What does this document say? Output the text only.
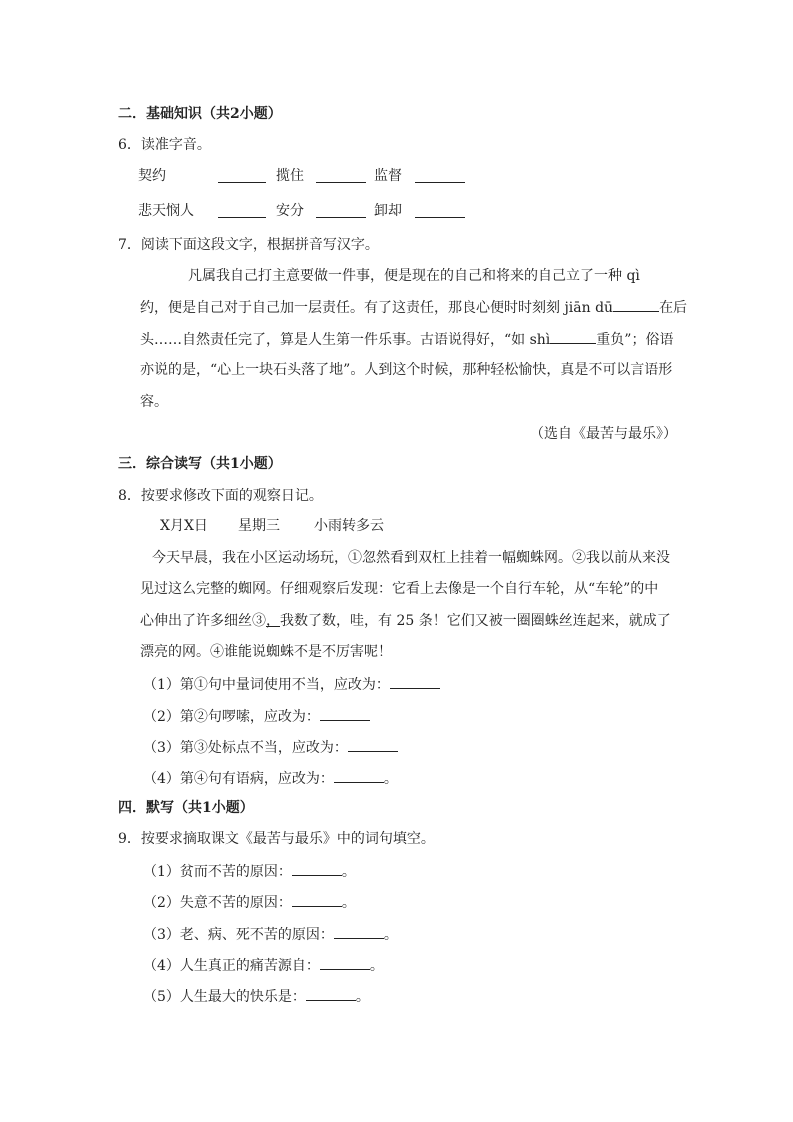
二．基础知识（共2小题）
6．读准字音。
契约	揽住	监督
悲天悯人	安分	卸却
7．阅读下面这段文字，根据拼音写汉字。
凡属我自己打主意要做一件事，便是现在的自己和将来的自己立了一种 qì
约，便是自己对于自己加一层责任。有了这责任，那良心便时时刻刻 jiān dū	在后
头……自然责任完了，算是人生第一件乐事。古语说得好，“如 shì	重负”；俗语
亦说的是，“心上一块石头落了地”。人到这个时候，那种轻松愉快，真是不可以言语形
容。
（选自《最苦与最乐》）
三．综合读写（共1小题）
8．按要求修改下面的观察日记。
X月X日 星期三 小雨转多云
今天早晨，我在小区运动场玩，①忽然看到双杠上挂着一幅蜘蛛网。②我以前从来没
见过这么完整的蜘网。仔细观察后发现：它看上去像是一个自行车轮，从“车轮”的中
心伸出了许多细丝③，我数了数，哇，有 25 条！它们又被一圈圈蛛丝连起来，就成了
漂亮的网。④谁能说蜘蛛不是不厉害呢！
（1）第①句中量词使用不当，应改为：
（2）第②句啰嗦，应改为：
（3）第③处标点不当，应改为：
（4）第④句有语病，应改为：	。
四．默写（共1小题）
9．按要求摘取课文《最苦与最乐》中的词句填空。
（1）贫而不苦的原因：	。
（2）失意不苦的原因：	。
（3）老、病、死不苦的原因：	。
（4）人生真正的痛苦源自：	。
（5）人生最大的快乐是：	。
